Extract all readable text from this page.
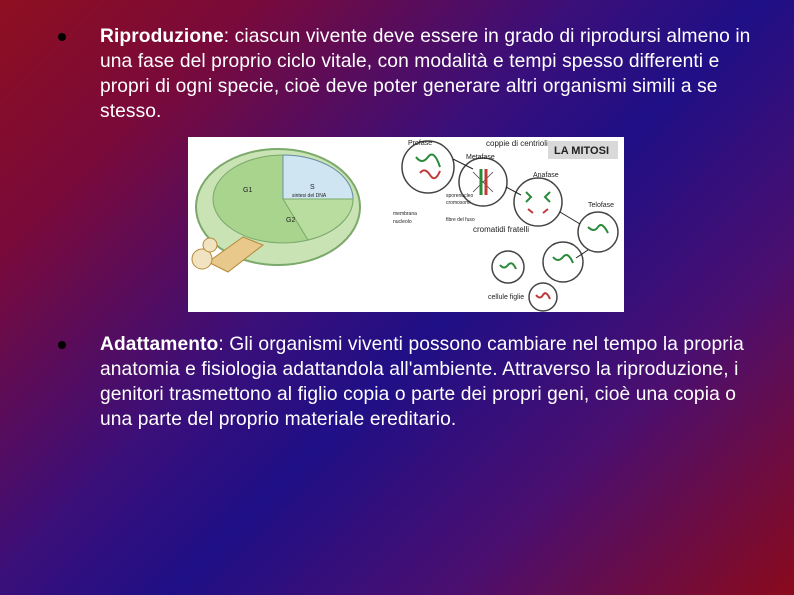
Riproduzione: ciascun vivente deve essere in grado di riprodursi almeno in una fase del proprio ciclo vitale, con modalità e tempi spesso differenti e propri di ogni specie, cioè deve poter generare altri organismi simili a se stesso.
G1	S
sintesi del DNA
G2
Profase	coppie di centrioli
Metafase
Anafase
Telofase
cromatidi fratelli
cellule figlie
sporenucleo
cromosomi
membrana
nucleolo	fibre del fuso
LA MITOSI
Adattamento: Gli organismi viventi possono cambiare nel tempo la propria anatomia e fisiologia adattandola all'ambiente. Attraverso la riproduzione, i genitori trasmettono al figlio copia o parte dei propri geni, cioè una copia o una parte del proprio materiale ereditario.
